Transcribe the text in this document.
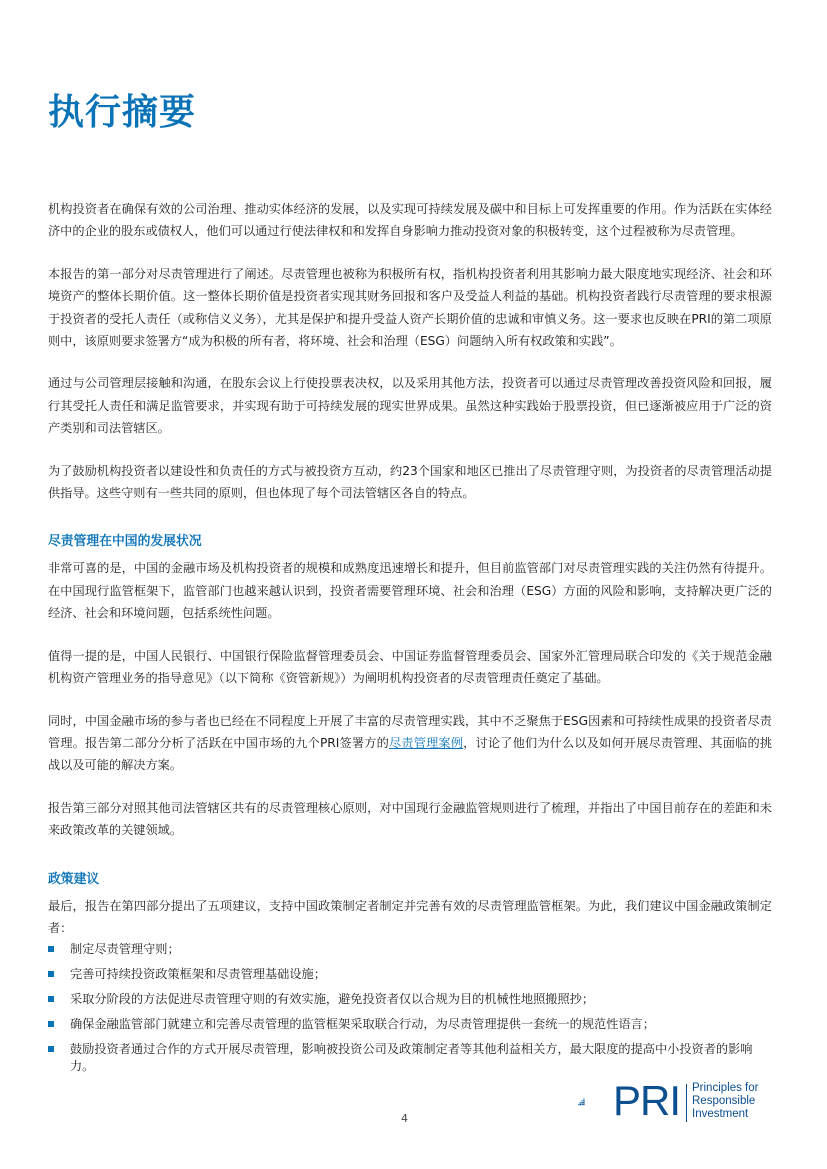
执行摘要

机构投资者在确保有效的公司治理、推动实体经济的发展，以及实现可持续发展及碳中和目标上可发挥重要的作用。作为活跃在实体经济中的企业的股东或债权人，他们可以通过行使法律权和和发挥自身影响力推动投资对象的积极转变，这个过程被称为尽责管理。

本报告的第一部分对尽责管理进行了阐述。尽责管理也被称为积极所有权，指机构投资者利用其影响力最大限度地实现经济、社会和环境资产的整体长期价值。这一整体长期价值是投资者实现其财务回报和客户及受益人利益的基础。机构投资者践行尽责管理的要求根源于投资者的受托人责任（或称信义义务），尤其是保护和提升受益人资产长期价值的忠诚和审慎义务。这一要求也反映在PRI的第二项原则中，该原则要求签署方“成为积极的所有者，将环境、社会和治理（ESG）问题纳入所有权政策和实践”。

通过与公司管理层接触和沟通，在股东会议上行使投票表决权，以及采用其他方法，投资者可以通过尽责管理改善投资风险和回报，履行其受托人责任和满足监管要求，并实现有助于可持续发展的现实世界成果。虽然这种实践始于股票投资，但已逐渐被应用于广泛的资产类别和司法管辖区。

为了鼓励机构投资者以建设性和负责任的方式与被投资方互动，约23个国家和地区已推出了尽责管理守则，为投资者的尽责管理活动提供指导。这些守则有一些共同的原则，但也体现了每个司法管辖区各自的特点。

尽责管理在中国的发展状况

非常可喜的是，中国的金融市场及机构投资者的规模和成熟度迅速增长和提升，但目前监管部门对尽责管理实践的关注仍然有待提升。在中国现行监管框架下，监管部门也越来越认识到，投资者需要管理环境、社会和治理（ESG）方面的风险和影响，支持解决更广泛的经济、社会和环境问题，包括系统性问题。

值得一提的是，中国人民银行、中国银行保险监督管理委员会、中国证券监督管理委员会、国家外汇管理局联合印发的《关于规范金融机构资产管理业务的指导意见》（以下简称《资管新规》）为阐明机构投资者的尽责管理责任奠定了基础。

同时，中国金融市场的参与者也已经在不同程度上开展了丰富的尽责管理实践，其中不乏聚焦于ESG因素和可持续性成果的投资者尽责管理。报告第二部分分析了活跃在中国市场的九个PRI签署方的尽责管理案例，讨论了他们为什么以及如何开展尽责管理、其面临的挑战以及可能的解决方案。

报告第三部分对照其他司法管辖区共有的尽责管理核心原则，对中国现行金融监管规则进行了梳理，并指出了中国目前存在的差距和未来政策改革的关键领域。

政策建议

最后，报告在第四部分提出了五项建议，支持中国政策制定者制定并完善有效的尽责管理监管框架。为此，我们建议中国金融政策制定者：

制定尽责管理守则；
完善可持续投资政策框架和尽责管理基础设施；
采取分阶段的方法促进尽责管理守则的有效实施，避免投资者仅以合规为目的机械性地照搬照抄；
确保金融监管部门就建立和完善尽责管理的监管框架采取联合行动，为尽责管理提供一套统一的规范性语言；
鼓励投资者通过合作的方式开展尽责管理，影响被投资公司及政策制定者等其他利益相关方，最大限度的提高中小投资者的影响力。
4	PRI Principles for
Responsible
Investment
